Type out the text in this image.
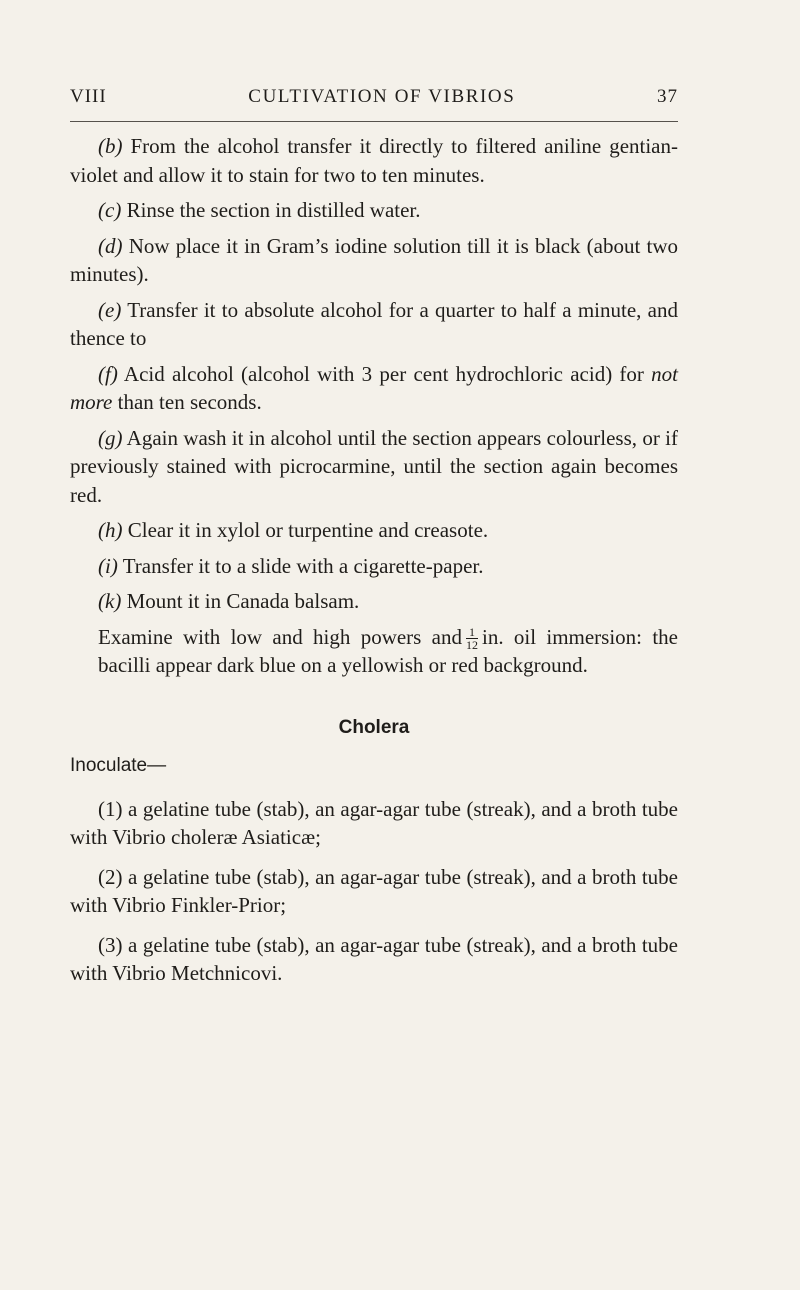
VIII	CULTIVATION OF VIBRIOS	37

(b) From the alcohol transfer it directly to filtered aniline gentian-violet and allow it to stain for two to ten minutes.

(c) Rinse the section in distilled water.

(d) Now place it in Gram’s iodine solution till it is black (about two minutes).

(e) Transfer it to absolute alcohol for a quarter to half a minute, and thence to

(f) Acid alcohol (alcohol with 3 per cent hydrochloric acid) for not more than ten seconds.

(g) Again wash it in alcohol until the section appears colourless, or if previously stained with picrocarmine, until the section again becomes red.

(h) Clear it in xylol or turpentine and creasote.

(i) Transfer it to a slide with a cigarette-paper.

(k) Mount it in Canada balsam.

Examine with low and high powers and $\frac{1}{12}$ in. oil immersion: the bacilli appear dark blue on a yellowish or red background.

Cholera
Inoculate—

(1) a gelatine tube (stab), an agar-agar tube (streak), and a broth tube with Vibrio choleræ Asiaticæ;

(2) a gelatine tube (stab), an agar-agar tube (streak), and a broth tube with Vibrio Finkler-Prior;

(3) a gelatine tube (stab), an agar-agar tube (streak), and a broth tube with Vibrio Metchnicovi.
